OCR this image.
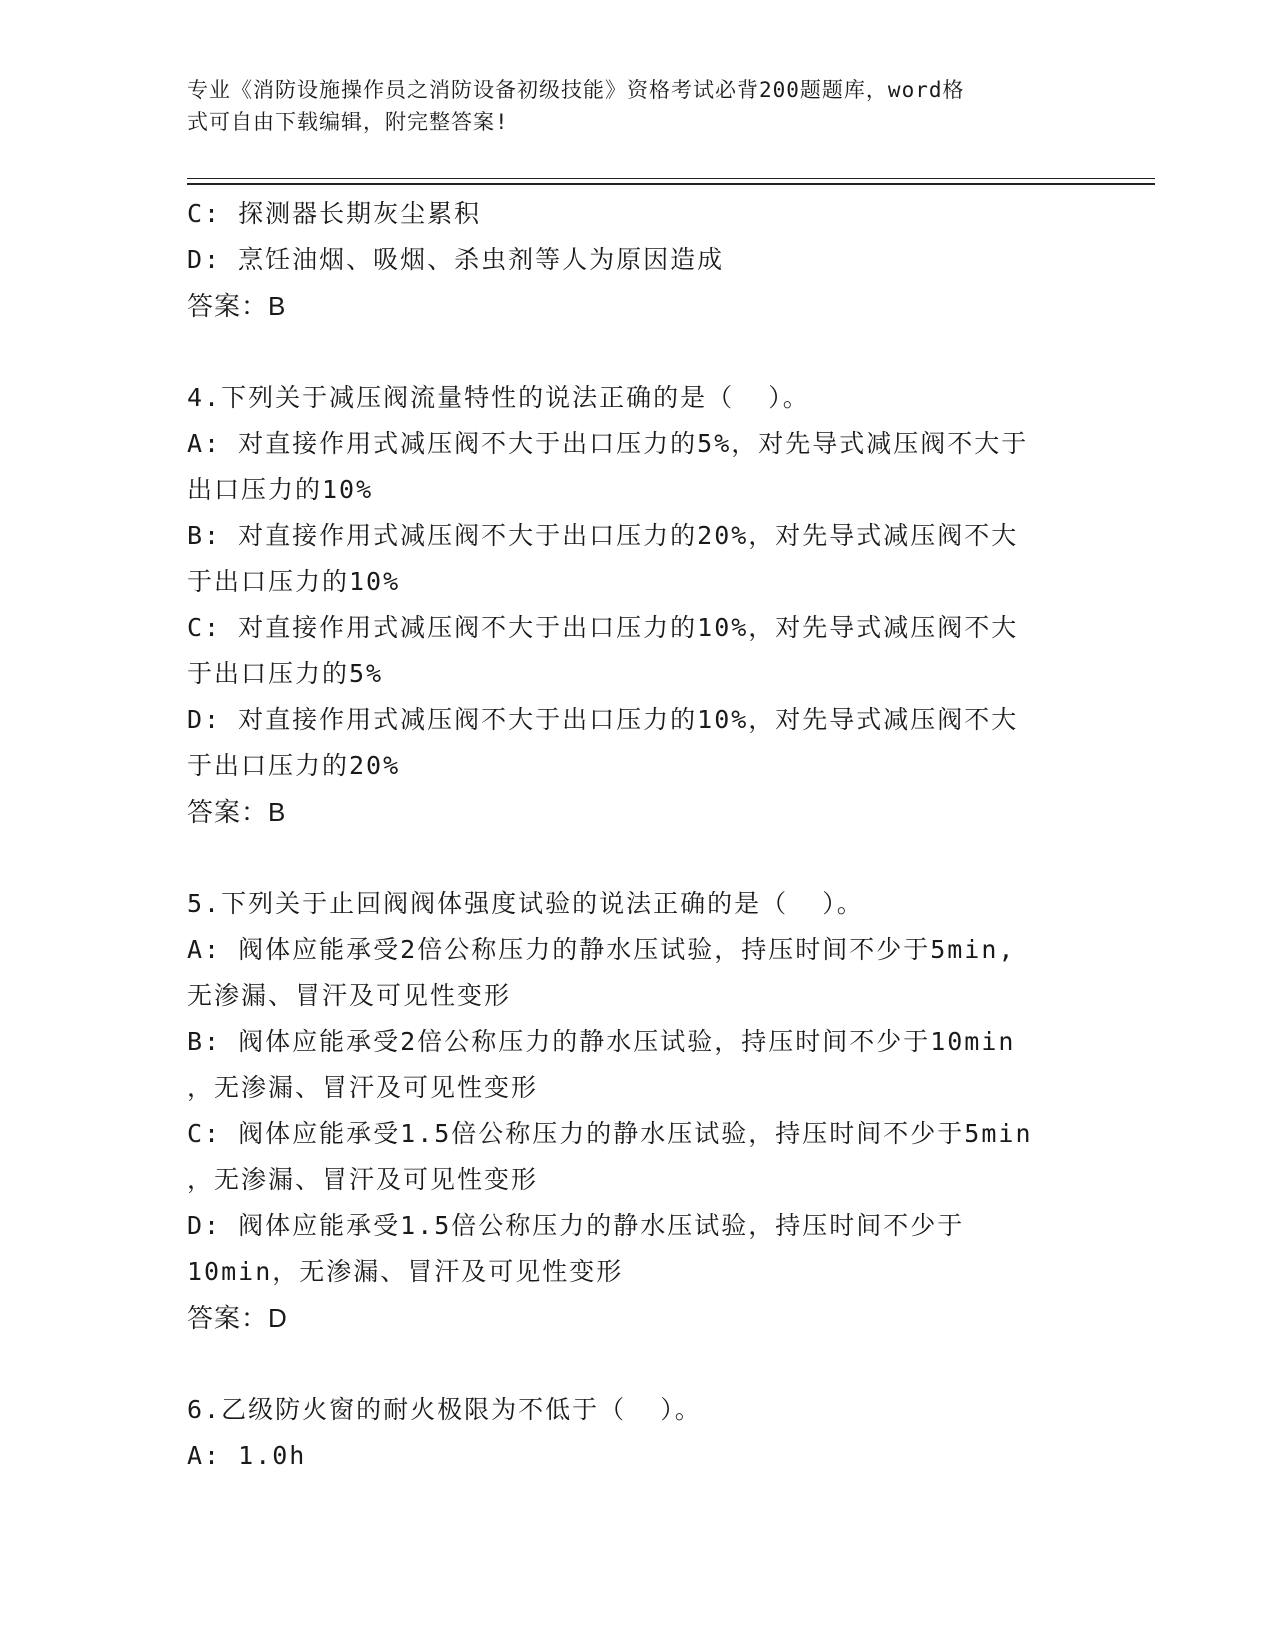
专业《消防设施操作员之消防设备初级技能》资格考试必背200题题库，word格
式可自由下载编辑，附完整答案!
C: 探测器长期灰尘累积
D: 烹饪油烟、吸烟、杀虫剂等人为原因造成
答案：B
4.下列关于减压阀流量特性的说法正确的是（  ）。
A: 对直接作用式减压阀不大于出口压力的5%，对先导式减压阀不大于
出口压力的10%
B: 对直接作用式减压阀不大于出口压力的20%，对先导式减压阀不大
于出口压力的10%
C: 对直接作用式减压阀不大于出口压力的10%，对先导式减压阀不大
于出口压力的5%
D: 对直接作用式减压阀不大于出口压力的10%，对先导式减压阀不大
于出口压力的20%
答案：B
5.下列关于止回阀阀体强度试验的说法正确的是（  ）。
A: 阀体应能承受2倍公称压力的静水压试验，持压时间不少于5min,
无渗漏、冒汗及可见性变形
B: 阀体应能承受2倍公称压力的静水压试验，持压时间不少于10min
，无渗漏、冒汗及可见性变形
C: 阀体应能承受1.5倍公称压力的静水压试验，持压时间不少于5min
，无渗漏、冒汗及可见性变形
D: 阀体应能承受1.5倍公称压力的静水压试验，持压时间不少于
10min，无渗漏、冒汗及可见性变形
答案：D
6.乙级防火窗的耐火极限为不低于（  ）。
A: 1.0h
